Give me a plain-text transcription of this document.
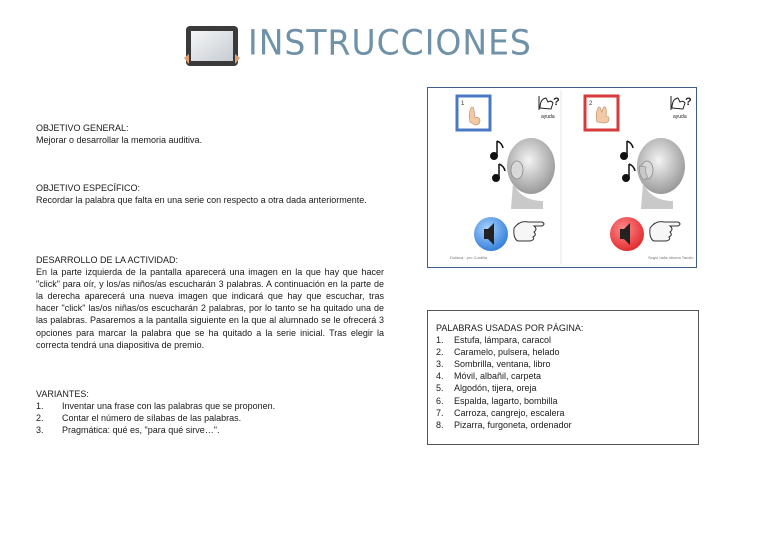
INSTRUCCIONES
OBJETIVO GENERAL:

Mejorar o desarrollar la memoria auditiva.

OBJETIVO ESPECÍFICO:

Recordar la palabra que falta en una serie con respecto a otra dada anteriormente.

DESARROLLO DE LA ACTIVIDAD:

En la parte izquierda de la pantalla aparecerá una imagen en la que hay que hacer "click" para oír, y los/as niños/as escucharán 3 palabras. A continuación en la parte de la derecha aparecerá una nueva imagen que indicará que hay que escuchar, tras hacer "click" las/os niñas/os escucharán 2 palabras, por lo tanto se ha quitado una de las palabras. Pasaremos a la pantalla siguiente en la que al alumnado se le ofrecerá 3 opciones para marcar la palabra que se ha quitado a la serie inicial. Tras elegir la correcta tendrá una diapositiva de premio.

VARIANTES:
1.	Inventar una frase con las palabras que se proponen.
2.	Contar el número de sílabas de las palabras.
3.	Pragmática: qué es, "para qué sirve…".
1	?
ayuda
Dolisca · pro Cordilla
2	?
ayuda
Segui dalle idioma Tarolio
PALABRAS USADAS POR PÁGINA:
1.	Estufa, lámpara, caracol
2.	Caramelo, pulsera, helado
3.	Sombrilla, ventana, libro
4.	Móvil, albañil, carpeta
5.	Algodón, tijera, oreja
6.	Espalda, lagarto, bombilla
7.	Carroza, cangrejo, escalera
8.	Pizarra, furgoneta, ordenador
